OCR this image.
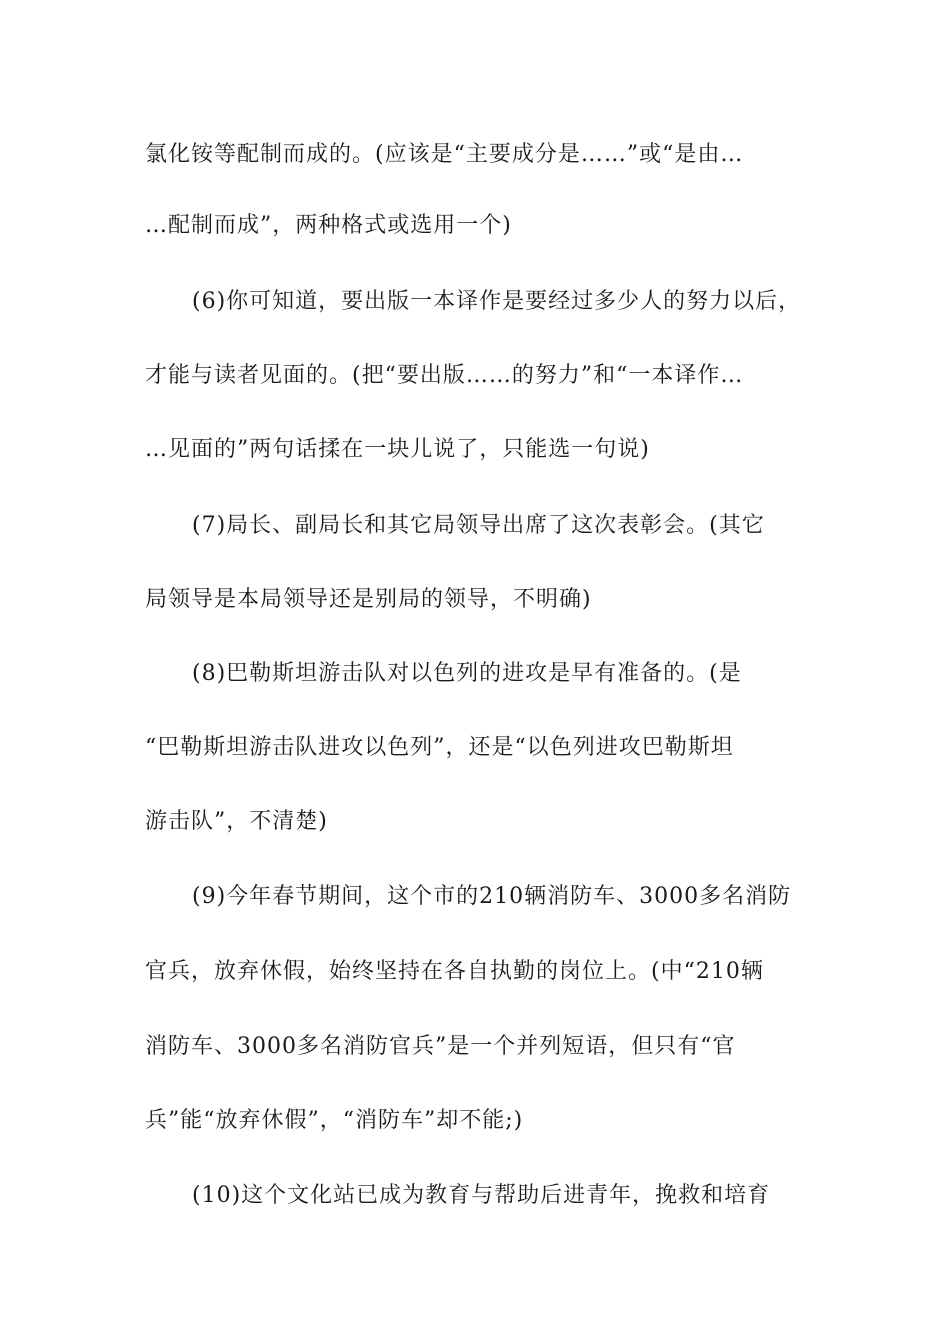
氯化铵等配制而成的。(应该是“主要成分是……”或“是由…
…配制而成”，两种格式或选用一个)
(6)你可知道，要出版一本译作是要经过多少人的努力以后，
才能与读者见面的。(把“要出版……的努力”和“一本译作…
…见面的”两句话揉在一块儿说了，只能选一句说)
(7)局长、副局长和其它局领导出席了这次表彰会。(其它
局领导是本局领导还是别局的领导，不明确)
(8)巴勒斯坦游击队对以色列的进攻是早有准备的。(是
“巴勒斯坦游击队进攻以色列”，还是“以色列进攻巴勒斯坦
游击队”，不清楚)
(9)今年春节期间，这个市的210辆消防车、3000多名消防
官兵，放弃休假，始终坚持在各自执勤的岗位上。(中“210辆
消防车、3000多名消防官兵”是一个并列短语，但只有“官
兵”能“放弃休假”，“消防车”却不能;)
(10)这个文化站已成为教育与帮助后进青年，挽救和培育
